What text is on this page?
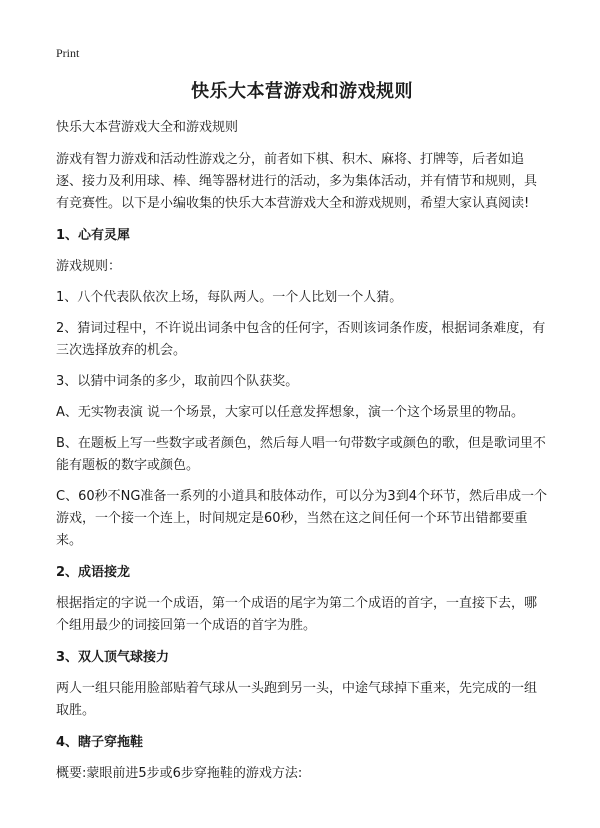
Print
快乐大本营游戏和游戏规则

快乐大本营游戏大全和游戏规则

游戏有智力游戏和活动性游戏之分，前者如下棋、积木、麻将、打牌等，后者如追逐、接力及利用球、棒、绳等器材进行的活动，多为集体活动，并有情节和规则，具有竞赛性。以下是小编收集的快乐大本营游戏大全和游戏规则，希望大家认真阅读!

1、心有灵犀

游戏规则：

1、八个代表队依次上场，每队两人。一个人比划一个人猜。

2、猜词过程中，不许说出词条中包含的任何字，否则该词条作废，根据词条难度，有三次选择放弃的机会。

3、以猜中词条的多少，取前四个队获奖。

A、无实物表演 说一个场景，大家可以任意发挥想象，演一个这个场景里的物品。

B、在题板上写一些数字或者颜色，然后每人唱一句带数字或颜色的歌，但是歌词里不能有题板的数字或颜色。

C、60秒不NG准备一系列的小道具和肢体动作，可以分为3到4个环节，然后串成一个游戏，一个接一个连上，时间规定是60秒，当然在这之间任何一个环节出错都要重来。

2、成语接龙

根据指定的字说一个成语，第一个成语的尾字为第二个成语的首字，一直接下去，哪个组用最少的词接回第一个成语的首字为胜。

3、双人顶气球接力

两人一组只能用脸部贴着气球从一头跑到另一头，中途气球掉下重来，先完成的一组取胜。

4、瞎子穿拖鞋

概要:蒙眼前进5步或6步穿拖鞋的游戏方法:
